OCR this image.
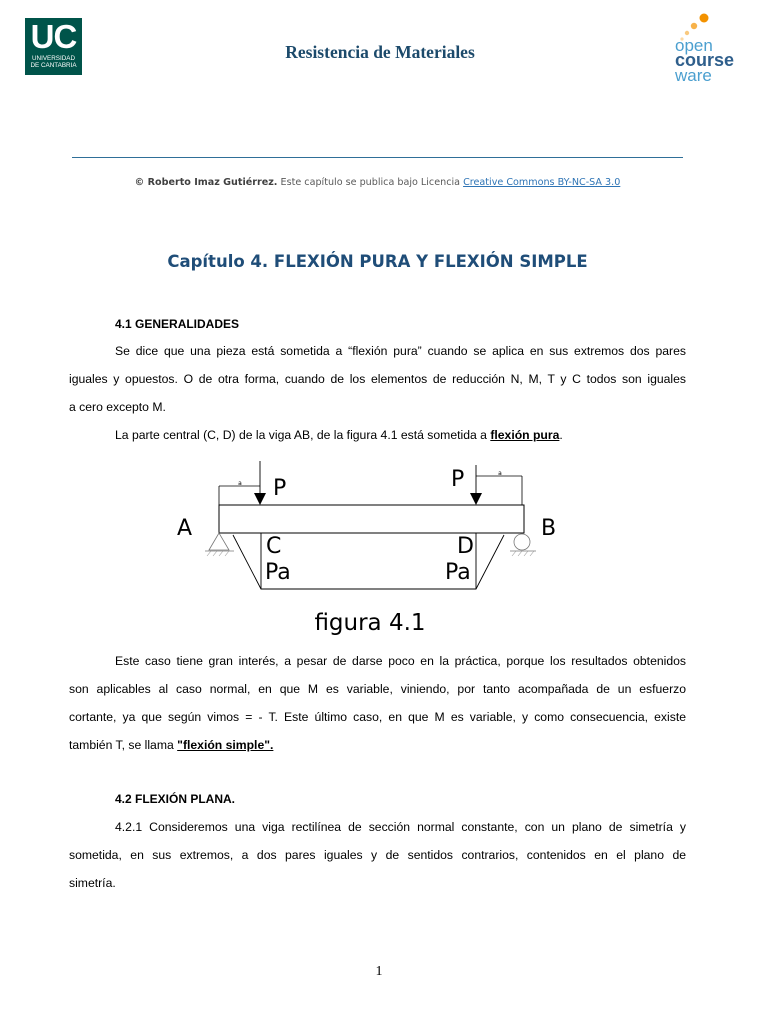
UC
UNIVERSIDAD
DE CANTABRIA
Resistencia de Materiales	open
course
ware
© Roberto Imaz Gutiérrez. Este capítulo se publica bajo Licencia Creative Commons BY-NC-SA 3.0
Capítulo 4. FLEXIÓN PURA Y FLEXIÓN SIMPLE
4.1 GENERALIDADES
Se dice que una pieza está sometida a “flexión pura” cuando se aplica en sus extremos dos pares
iguales y opuestos. O de otra forma, cuando de los elementos de reducción N, M, T y C todos son iguales
a cero excepto M.
La parte central (C, D) de la viga AB, de la figura 4.1 está sometida a flexión pura.
a
a
P	P
A	B
C	D
Pa	Pa
figura 4.1
Este caso tiene gran interés, a pesar de darse poco en la práctica, porque los resultados obtenidos
son aplicables al caso normal, en que M es variable, viniendo, por tanto acompañada de un esfuerzo
cortante, ya que según vimos = - T. Este último caso, en que M es variable, y como consecuencia, existe
también T, se llama "flexión simple".
4.2 FLEXIÓN PLANA.
4.2.1 Consideremos una viga rectilínea de sección normal constante, con un plano de simetría y
sometida, en sus extremos, a dos pares iguales y de sentidos contrarios, contenidos en el plano de
simetría.
1
